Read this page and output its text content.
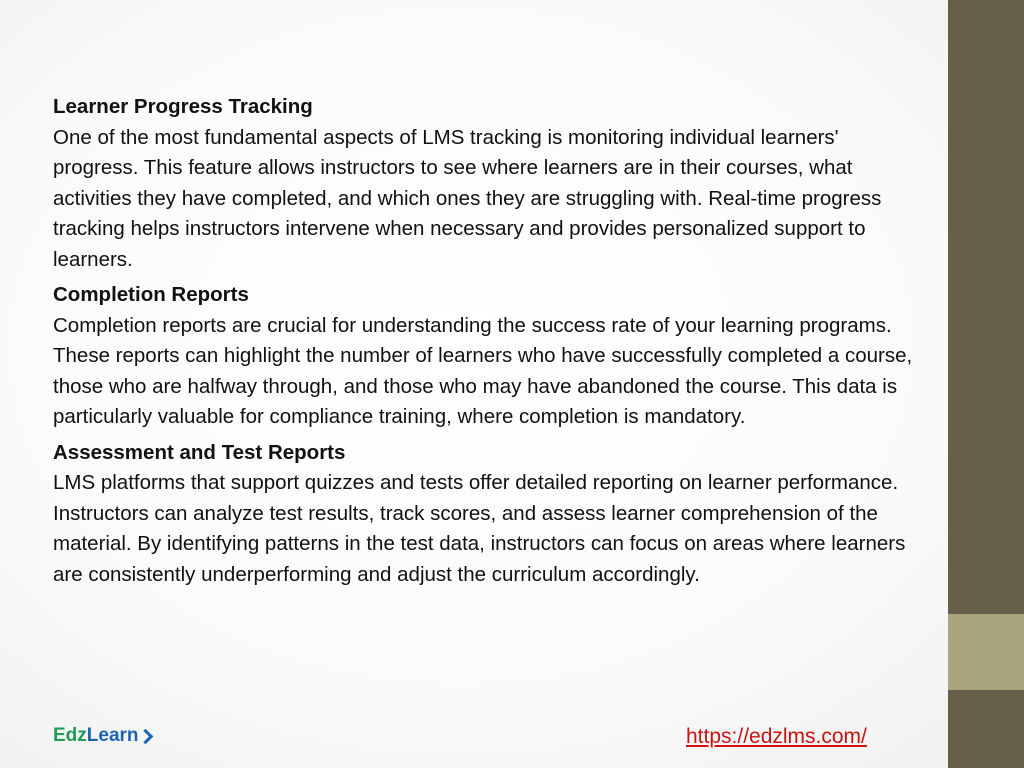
Learner Progress Tracking
One of the most fundamental aspects of LMS tracking is monitoring individual learners' progress. This feature allows instructors to see where learners are in their courses, what activities they have completed, and which ones they are struggling with. Real-time progress tracking helps instructors intervene when necessary and provides personalized support to learners.
Completion Reports
Completion reports are crucial for understanding the success rate of your learning programs. These reports can highlight the number of learners who have successfully completed a course, those who are halfway through, and those who may have abandoned the course. This data is particularly valuable for compliance training, where completion is mandatory.
Assessment and Test Reports
LMS platforms that support quizzes and tests offer detailed reporting on learner performance. Instructors can analyze test results, track scores, and assess learner comprehension of the material. By identifying patterns in the test data, instructors can focus on areas where learners are consistently underperforming and adjust the curriculum accordingly.
Edz Learn	https://edzlms.com/
